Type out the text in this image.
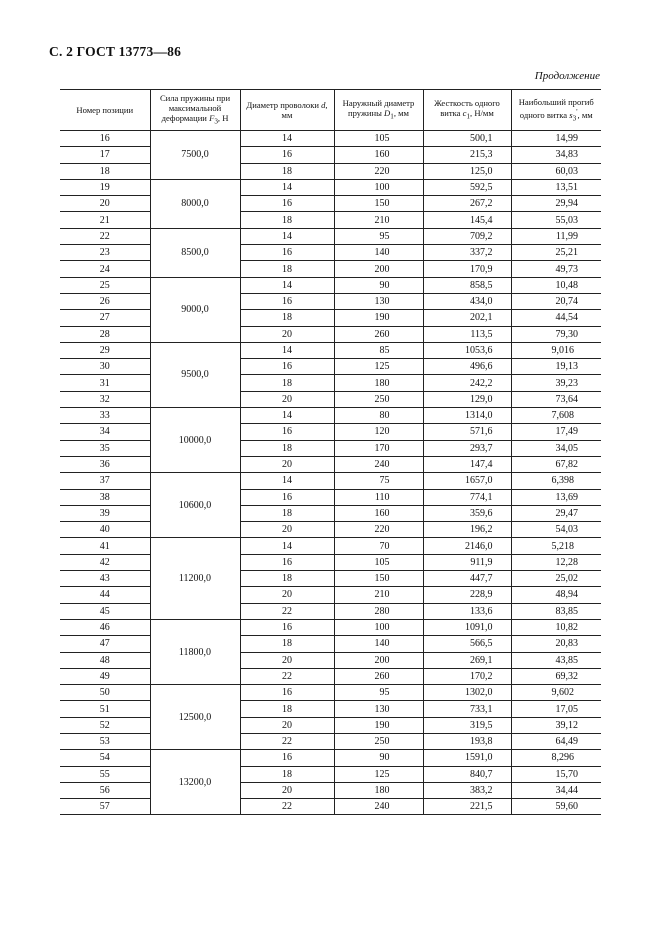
С. 2 ГОСТ 13773—86
Продолжение
Номер позиции	Сила пружины при максимальной деформации $F_3$, Н	Диаметр проволоки d, мм	Наружный диаметр пружины $D_1$, мм	Жесткость одного витка $c_1$, Н/мм	Наибольший прогиб одного витка $s_3'$, мм
16	7500,0	14	105	500,1	14,99
17		16	160	215,3	34,83
18		18	220	125,0	60,03
19	8000,0	14	100	592,5	13,51
20		16	150	267,2	29,94
21		18	210	145,4	55,03
22	8500,0	14	95	709,2	11,99
23		16	140	337,2	25,21
24		18	200	170,9	49,73
25	9000,0	14	90	858,5	10,48
26		16	130	434,0	20,74
27		18	190	202,1	44,54
28		20	260	113,5	79,30
29	9500,0	14	85	1053,6	9,016
30		16	125	496,6	19,13
31		18	180	242,2	39,23
32		20	250	129,0	73,64
33	10000,0	14	80	1314,0	7,608
34		16	120	571,6	17,49
35		18	170	293,7	34,05
36		20	240	147,4	67,82
37	10600,0	14	75	1657,0	6,398
38		16	110	774,1	13,69
39		18	160	359,6	29,47
40		20	220	196,2	54,03
41	11200,0	14	70	2146,0	5,218
42		16	105	911,9	12,28
43		18	150	447,7	25,02
44		20	210	228,9	48,94
45		22	280	133,6	83,85
46	11800,0	16	100	1091,0	10,82
47		18	140	566,5	20,83
48		20	200	269,1	43,85
49		22	260	170,2	69,32
50	12500,0	16	95	1302,0	9,602
51		18	130	733,1	17,05
52		20	190	319,5	39,12
53		22	250	193,8	64,49
54	13200,0	16	90	1591,0	8,296
55		18	125	840,7	15,70
56		20	180	383,2	34,44
57		22	240	221,5	59,60
